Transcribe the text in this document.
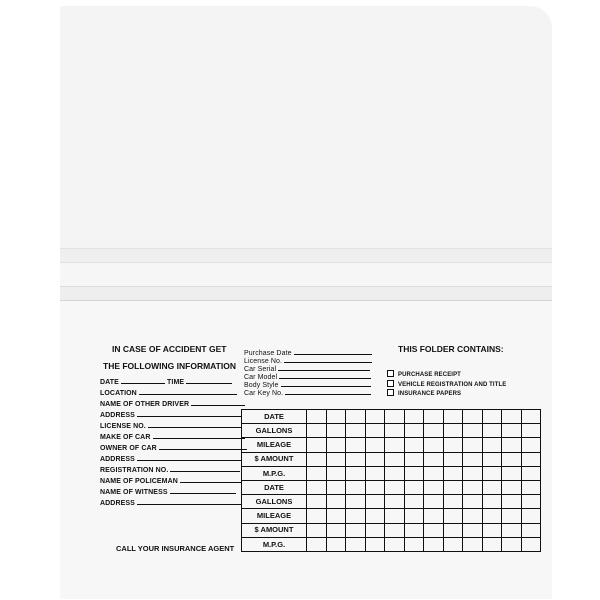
IN CASE OF ACCIDENT GET
THE FOLLOWING INFORMATION
DATE	TIME
LOCATION
NAME OF OTHER DRIVER
ADDRESS
LICENSE NO.
MAKE OF CAR
OWNER OF CAR
ADDRESS
REGISTRATION NO.
NAME OF POLICEMAN
NAME OF WITNESS
ADDRESS
CALL YOUR INSURANCE AGENT
Purchase Date
License No.
Car Serial
Car Model
Body Style
Car Key No.
THIS FOLDER CONTAINS:
PURCHASE RECEIPT
VEHICLE REGISTRATION AND TITLE
INSURANCE PAPERS
DATE												
GALLONS												
MILEAGE												
$ AMOUNT												
M.P.G.												
DATE												
GALLONS												
MILEAGE												
$ AMOUNT												
M.P.G.												
